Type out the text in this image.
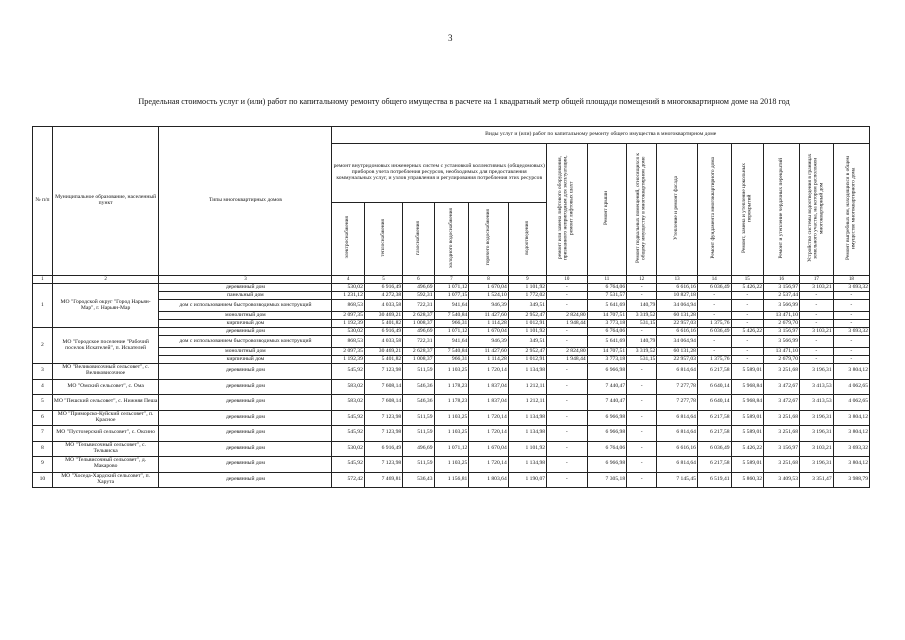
3
Предельная стоимость услуг и (или) работ по капитальному ремонту общего имущества в расчете на 1 квадратный метр общей площади помещений в многоквартирном доме на 2018 год
№ п/п	Муниципальное образование, населенный пункт	Типы многоквартирных домов	Виды услуг и (или) работ по капитальному ремонту общего имущества в многоквартирном доме														
			ремонт внутридомовых инженерных систем с установкой коллективных (общедомовых) приборов учета потребления ресурсов, необходимых для предоставления коммунальных услуг, и узлов управления и регулирования потребления этих ресурсов						ремонт или замена лифтового оборудования, признанного непригодным для эксплуатации, ремонт лифтовых шахт	Ремонт крыши	Ремонт подвальных помещений, относящихся к общему имуществу в многоквартирном доме	Утепление и ремонт фасада	Ремонт фундамента многоквартирного дома	Ремонт, замена и утепление цокольных перекрытий	Ремонт и утепление чердачных перекрытий	Устройство системы водоотведения в границах земельного участка, на котором расположен многоквартирный дом	Ремонт выгребных ям, находящихся в общем имуществе многоквартирного дома
			электроснабжения	теплоснабжения	газоснабжения	холодного водоснабжения	горячего водоснабжения	водоотведения									
1	2	3	4	5	6	7	8	9	10	11	12	13	14	15	16	17	18
1	МО "Городской округ "Город Нарьян-Мар", г. Нарьян-Мар	деревянный дом	530,02	6 916,49	496,69	1 071,12	1 670,04	1 101,92	-	6 764,06	-	6 616,16	6 036,49	5 426,22	3 156,97	3 103,21	3 693,32
		панельный дом	1 231,12	4 272,38	592,31	1 077,15	1 524,10	1 772,02	-	7 531,57	-	10 827,18	-	-	2 537,44	-	-
		дом с использованием быстровозводимых конструкций	868,53	4 033,58	722,31	941,64	946,39	349,51	-	5 641,69	140,79	34 064,94	-	-	3 566,99	-	-
		монолитный дом	2 097,35	30 469,21	2 628,37	7 540,84	11 427,60	2 952,47	2 824,80	14 707,51	3 319,52	60 131,28	-	-	13 471,10	-	-
		кирпичный дом	1 192,39	5 401,82	1 008,37	966,31	1 114,28	1 012,91	1 948,44	3 773,18	531,15	22 957,03	1 375,76	-	2 679,70	-	-
2	МО "Городское поселение "Рабочий поселок Искателей", п. Искателей	деревянный дом	530,02	6 916,49	496,69	1 071,12	1 670,04	1 101,92	-	6 764,06	-	6 616,16	6 036,49	5 426,22	3 156,97	3 103,21	3 693,32
		дом с использованием быстровозводимых конструкций	868,53	4 033,58	722,31	941,64	946,39	349,51	-	5 641,69	140,79	34 064,94	-	-	3 566,99	-	-
		монолитный дом	2 097,35	30 469,21	2 628,37	7 540,84	11 427,60	2 952,47	2 824,80	14 707,51	3 319,52	60 131,28	-	-	13 471,10	-	-
		кирпичный дом	1 192,39	5 401,82	1 008,37	966,31	1 114,28	1 012,91	1 948,44	3 773,18	531,15	22 957,03	1 375,76	-	2 679,70	-	-
3	МО "Великовисочный сельсовет", с. Великовисочное	деревянный дом	545,92	7 123,98	511,59	1 103,25	1 720,14	1 134,98	-	6 966,98	-	6 814,64	6 217,58	5 589,01	3 251,68	3 196,31	3 804,12
4	МО "Омский сельсовет", с. Ома	деревянный дом	583,02	7 608,14	546,36	1 178,23	1 837,04	1 212,11	-	7 440,47	-	7 277,78	6 640,14	5 968,84	3 472,67	3 413,53	4 062,65
5	МО "Пешский сельсовет", с. Нижняя Пеша	деревянный дом	583,02	7 608,14	546,36	1 178,23	1 837,04	1 212,11	-	7 440,47	-	7 277,78	6 640,14	5 968,84	3 472,67	3 413,53	4 062,65
6	МО "Приморско-Куйский сельсовет", п. Красное	деревянный дом	545,92	7 123,98	511,59	1 103,25	1 720,14	1 134,98	-	6 966,98	-	6 814,64	6 217,58	5 589,01	3 251,68	3 196,31	3 804,12
7	МО "Пустозерский сельсовет", с. Оксино	деревянный дом	545,92	7 123,98	511,59	1 103,25	1 720,14	1 134,98	-	6 966,98	-	6 814,64	6 217,58	5 589,01	3 251,68	3 196,31	3 804,12
8	МО "Тельвисочный сельсовет", с. Тельвиска	деревянный дом	530,02	6 916,49	496,69	1 071,12	1 670,04	1 101,92	-	6 764,06	-	6 616,16	6 036,49	5 426,22	3 156,97	3 103,21	3 693,32
9	МО "Тельвисочный сельсовет", д. Макарово	деревянный дом	545,92	7 123,98	511,59	1 103,25	1 720,14	1 134,98	-	6 966,98	-	6 814,64	6 217,58	5 589,01	3 251,68	3 196,31	3 804,12
10	МО "Хоседа-Хардский сельсовет", п. Харута	деревянный дом	572,42	7 469,81	536,43	1 156,81	1 803,64	1 190,07	-	7 305,18	-	7 145,45	6 519,41	5 860,32	3 409,53	3 351,47	3 988,79
